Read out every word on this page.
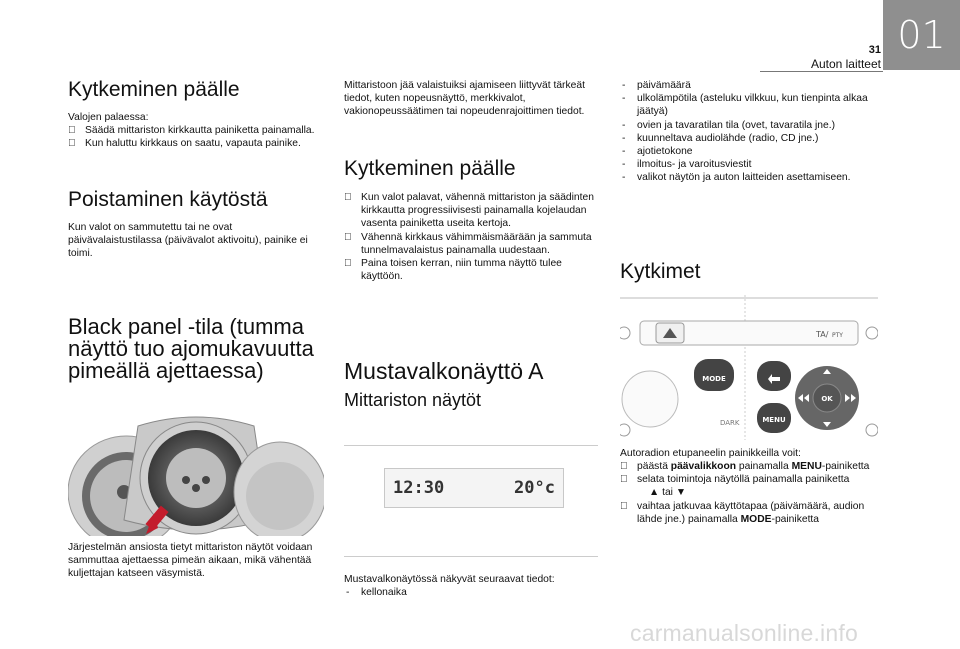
31
Auton laitteet
01
Kytkeminen päälle
Valojen palaessa:
Säädä mittariston kirkkautta painiketta painamalla.
Kun haluttu kirkkaus on saatu, vapauta painike.
Poistaminen käytöstä
Kun valot on sammutettu tai ne ovat päivävalaistustilassa (päivävalot aktivoitu), painike ei toimi.
Black panel -tila (tumma näyttö tuo ajomukavuutta pimeällä ajettaessa)
Järjestelmän ansiosta tietyt mittariston näytöt voidaan sammuttaa ajettaessa pimeän aikaan, mikä vähentää kuljettajan katseen väsymistä.
Mittaristoon jää valaistuiksi ajamiseen liittyvät tärkeät tiedot, kuten nopeusnäyttö, merkkivalot, vakionopeussäätimen tai nopeudenrajoittimen tiedot.
Kytkeminen päälle
Kun valot palavat, vähennä mittariston ja säädinten kirkkautta progressiivisesti painamalla kojelaudan vasenta painiketta useita kertoja.
Vähennä kirkkaus vähimmäismäärään ja sammuta tunnelmavalaistus painamalla uudestaan.
Paina toisen kerran, niin tumma näyttö tulee käyttöön.
Mustavalkonäyttö A
Mittariston näytöt
12:30	20°c
Mustavalkonäytössä näkyvät seuraavat tiedot:
- kellonaika
- päivämäärä
- ulkolämpötila (asteluku vilkkuu, kun tienpinta alkaa jäätyä)
- ovien ja tavaratilan tila (ovet, tavaratila jne.)
- kuunneltava audiolähde (radio, CD jne.)
- ajotietokone
- ilmoitus- ja varoitusviestit
- valikot näytön ja auton laitteiden asettamiseen.
Kytkimet
TA/ PTY
MODE
DARK	MENU
OK
Autoradion etupaneelin painikkeilla voit:
päästä päävalikkoon painamalla MENU-painiketta
selata toimintoja näytöllä painamalla painiketta
▲ tai ▼
vaihtaa jatkuvaa käyttötapaa (päivämäärä, audion lähde jne.) painamalla MODE-painiketta
carmanualsonline.info
